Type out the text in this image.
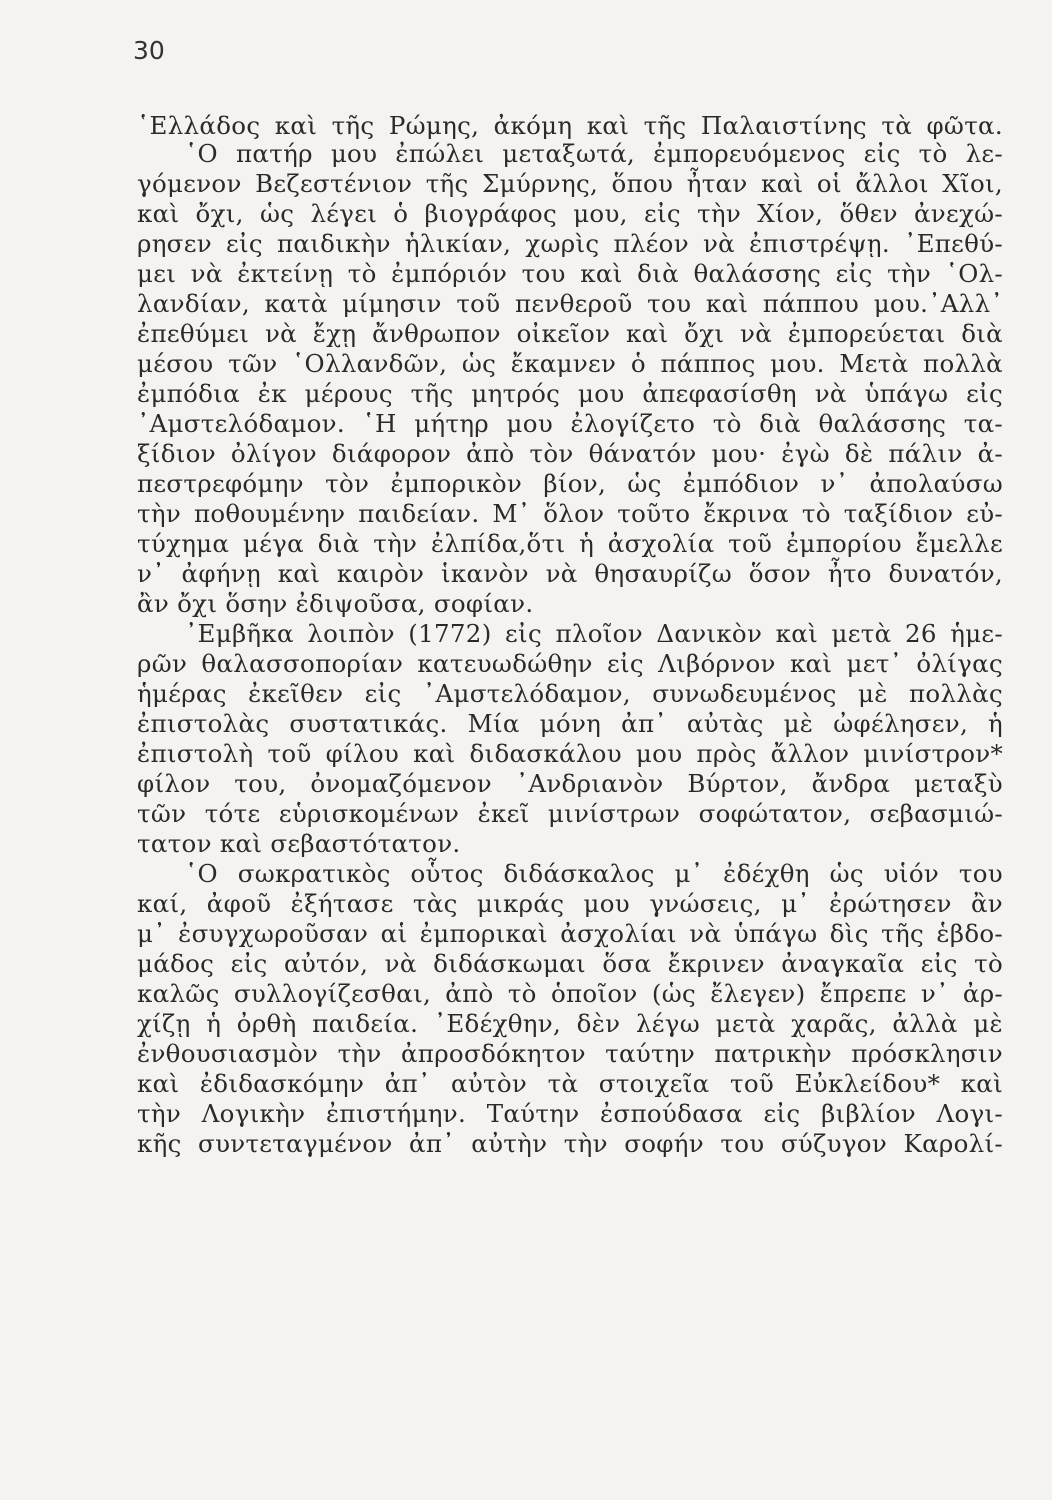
30
῾Ελλάδος καὶ τῆς Ρώμης, ἀκόμη καὶ τῆς Παλαιστίνης τὰ φῶτα.
῾Ο πατήρ μου ἐπώλει μεταξωτά, ἐμπορευόμενος εἰς τὸ λε-
γόμενον Βεζεστένιον τῆς Σμύρνης, ὅπου ἦταν καὶ οἱ ἄλλοι Χῖοι,
καὶ ὄχι, ὡς λέγει ὁ βιογράφος μου, εἰς τὴν Χίον, ὅθεν ἀνεχώ-
ρησεν εἰς παιδικὴν ἡλικίαν, χωρὶς πλέον νὰ ἐπιστρέψῃ. ᾽Επεθύ-
μει νὰ ἐκτείνῃ τὸ ἐμπόριόν του καὶ διὰ θαλάσσης εἰς τὴν ῾Ολ-
λανδίαν, κατὰ μίμησιν τοῦ πενθεροῦ του καὶ πάππου μου.᾽Αλλ᾽
ἐπεθύμει νὰ ἔχῃ ἄνθρωπον οἰκεῖον καὶ ὄχι νὰ ἐμπορεύεται διὰ
μέσου τῶν ῾Ολλανδῶν, ὡς ἔκαμνεν ὁ πάππος μου. Μετὰ πολλὰ
ἐμπόδια ἐκ μέρους τῆς μητρός μου ἀπεφασίσθη νὰ ὑπάγω εἰς
᾽Αμστελόδαμον. ῾Η μήτηρ μου ἐλογίζετο τὸ διὰ θαλάσσης τα-
ξίδιον ὀλίγον διάφορον ἀπὸ τὸν θάνατόν μου· ἐγὼ δὲ πάλιν ἀ-
πεστρεφόμην τὸν ἐμπορικὸν βίον, ὡς ἐμπόδιον ν᾽ ἀπολαύσω
τὴν ποθουμένην παιδείαν. Μ᾽ ὅλον τοῦτο ἔκρινα τὸ ταξίδιον εὐ-
τύχημα μέγα διὰ τὴν ἐλπίδα,ὅτι ἡ ἀσχολία τοῦ ἐμπορίου ἔμελλε
ν᾽ ἀφήνῃ καὶ καιρὸν ἱκανὸν νὰ θησαυρίζω ὅσον ἦτο δυνατόν,
ἂν ὄχι ὅσην ἐδιψοῦσα, σοφίαν.
᾽Εμβῆκα λοιπὸν (1772) εἰς πλοῖον Δανικὸν καὶ μετὰ 26 ἡμε-
ρῶν θαλασσοπορίαν κατευωδώθην εἰς Λιβόρνον καὶ μετ᾽ ὀλίγας
ἡμέρας ἐκεῖθεν εἰς ᾽Αμστελόδαμον, συνωδευμένος μὲ πολλὰς
ἐπιστολὰς συστατικάς. Μία μόνη ἀπ᾽ αὐτὰς μὲ ὠφέλησεν, ἡ
ἐπιστολὴ τοῦ φίλου καὶ διδασκάλου μου πρὸς ἄλλον μινίστρον*
φίλον του, ὀνομαζόμενον ᾽Ανδριανὸν Βύρτον, ἄνδρα μεταξὺ
τῶν τότε εὑρισκομένων ἐκεῖ μινίστρων σοφώτατον, σεβασμιώ-
τατον καὶ σεβαστότατον.
῾Ο σωκρατικὸς οὗτος διδάσκαλος μ᾽ ἐδέχθη ὡς υἱόν του
καί, ἀφοῦ ἐξήτασε τὰς μικράς μου γνώσεις, μ᾽ ἐρώτησεν ἂν
μ᾽ ἐσυγχωροῦσαν αἱ ἐμπορικαὶ ἀσχολίαι νὰ ὑπάγω δὶς τῆς ἑβδο-
μάδος εἰς αὐτόν, νὰ διδάσκωμαι ὅσα ἔκρινεν ἀναγκαῖα εἰς τὸ
καλῶς συλλογίζεσθαι, ἀπὸ τὸ ὁποῖον (ὡς ἔλεγεν) ἔπρεπε ν᾽ ἀρ-
χίζῃ ἡ ὀρθὴ παιδεία. ᾽Εδέχθην, δὲν λέγω μετὰ χαρᾶς, ἀλλὰ μὲ
ἐνθουσιασμὸν τὴν ἀπροσδόκητον ταύτην πατρικὴν πρόσκλησιν
καὶ ἐδιδασκόμην ἀπ᾽ αὐτὸν τὰ στοιχεῖα τοῦ Εὐκλείδου* καὶ
τὴν Λογικὴν ἐπιστήμην. Ταύτην ἐσπούδασα εἰς βιβλίον Λογι-
κῆς συντεταγμένον ἀπ᾽ αὐτὴν τὴν σοφήν του σύζυγον Καρολί-
